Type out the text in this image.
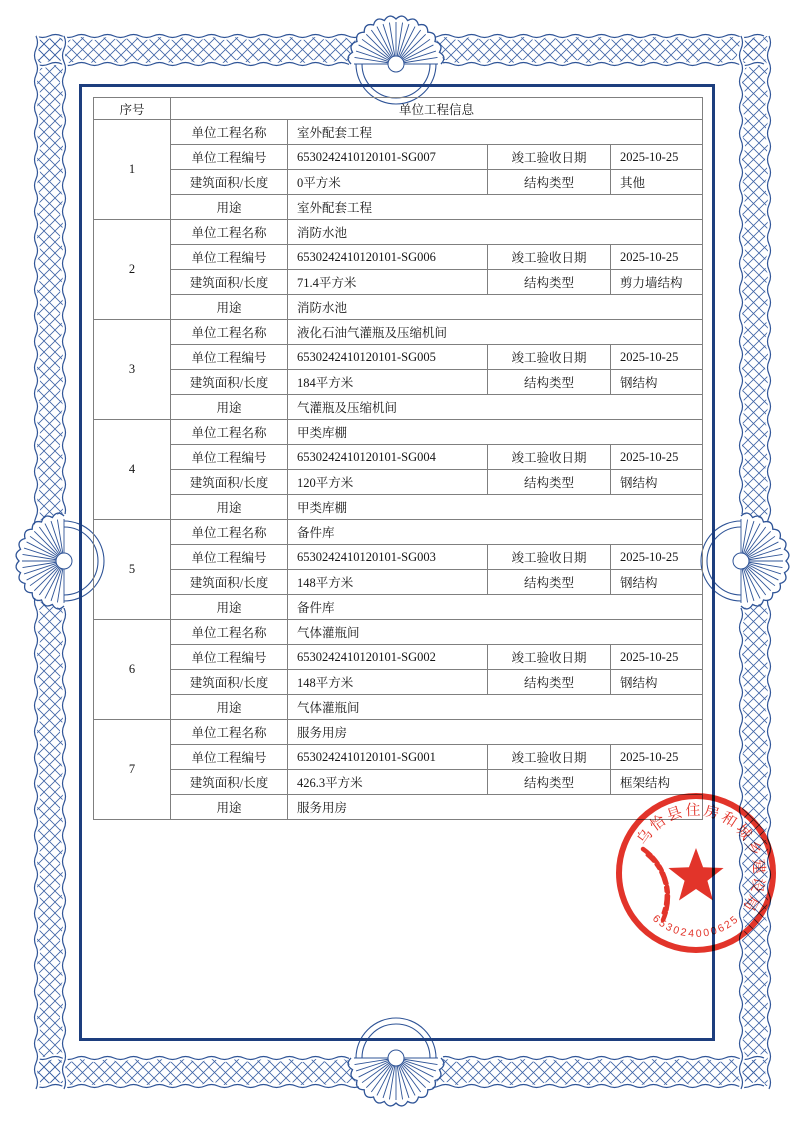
序号	单位工程信息			
1	单位工程名称	室外配套工程		
	单位工程编号	6530242410120101-SG007	竣工验收日期	2025-10-25
	建筑面积/长度	0平方米	结构类型	其他
	用途	室外配套工程		
2	单位工程名称	消防水池		
	单位工程编号	6530242410120101-SG006	竣工验收日期	2025-10-25
	建筑面积/长度	71.4平方米	结构类型	剪力墙结构
	用途	消防水池		
3	单位工程名称	液化石油气灌瓶及压缩机间		
	单位工程编号	6530242410120101-SG005	竣工验收日期	2025-10-25
	建筑面积/长度	184平方米	结构类型	钢结构
	用途	气灌瓶及压缩机间		
4	单位工程名称	甲类库棚		
	单位工程编号	6530242410120101-SG004	竣工验收日期	2025-10-25
	建筑面积/长度	120平方米	结构类型	钢结构
	用途	甲类库棚		
5	单位工程名称	备件库		
	单位工程编号	6530242410120101-SG003	竣工验收日期	2025-10-25
	建筑面积/长度	148平方米	结构类型	钢结构
	用途	备件库		
6	单位工程名称	气体灌瓶间		
	单位工程编号	6530242410120101-SG002	竣工验收日期	2025-10-25
	建筑面积/长度	148平方米	结构类型	钢结构
	用途	气体灌瓶间		
7	单位工程名称	服务用房		
	单位工程编号	6530242410120101-SG001	竣工验收日期	2025-10-25
	建筑面积/长度	426.3平方米	结构类型	框架结构
	用途	服务用房		
乌恰县住房和城乡建设局
653024000625
